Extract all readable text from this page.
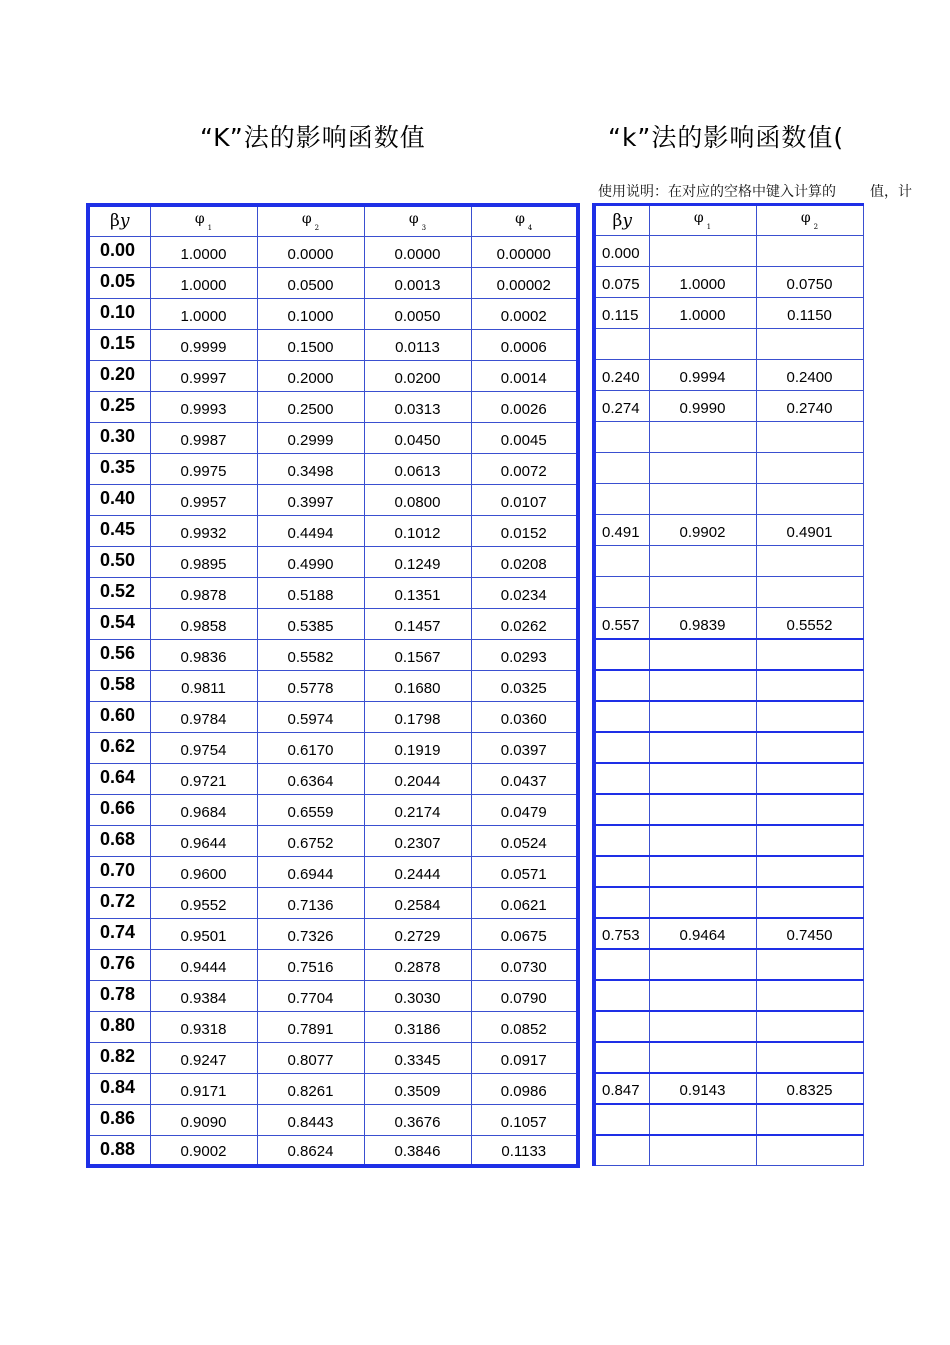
“K”法的影响函数值	“k”法的影响函数值(
使用说明：在对应的空格中键入计算的 值，计
βy	$\varphi_1$	$\varphi_2$	$\varphi_3$	$\varphi_4$
0.00	1.0000	0.0000	0.0000	0.00000
0.05	1.0000	0.0500	0.0013	0.00002
0.10	1.0000	0.1000	0.0050	0.0002
0.15	0.9999	0.1500	0.0113	0.0006
0.20	0.9997	0.2000	0.0200	0.0014
0.25	0.9993	0.2500	0.0313	0.0026
0.30	0.9987	0.2999	0.0450	0.0045
0.35	0.9975	0.3498	0.0613	0.0072
0.40	0.9957	0.3997	0.0800	0.0107
0.45	0.9932	0.4494	0.1012	0.0152
0.50	0.9895	0.4990	0.1249	0.0208
0.52	0.9878	0.5188	0.1351	0.0234
0.54	0.9858	0.5385	0.1457	0.0262
0.56	0.9836	0.5582	0.1567	0.0293
0.58	0.9811	0.5778	0.1680	0.0325
0.60	0.9784	0.5974	0.1798	0.0360
0.62	0.9754	0.6170	0.1919	0.0397
0.64	0.9721	0.6364	0.2044	0.0437
0.66	0.9684	0.6559	0.2174	0.0479
0.68	0.9644	0.6752	0.2307	0.0524
0.70	0.9600	0.6944	0.2444	0.0571
0.72	0.9552	0.7136	0.2584	0.0621
0.74	0.9501	0.7326	0.2729	0.0675
0.76	0.9444	0.7516	0.2878	0.0730
0.78	0.9384	0.7704	0.3030	0.0790
0.80	0.9318	0.7891	0.3186	0.0852
0.82	0.9247	0.8077	0.3345	0.0917
0.84	0.9171	0.8261	0.3509	0.0986
0.86	0.9090	0.8443	0.3676	0.1057
0.88	0.9002	0.8624	0.3846	0.1133
βy	$\varphi_1$	$\varphi_2$
0.000		
0.075	1.0000	0.0750
0.115	1.0000	0.1150

0.240	0.9994	0.2400
0.274	0.9990	0.2740

0.491	0.9902	0.4901

0.557	0.9839	0.5552

0.753	0.9464	0.7450

0.847	0.9143	0.8325
